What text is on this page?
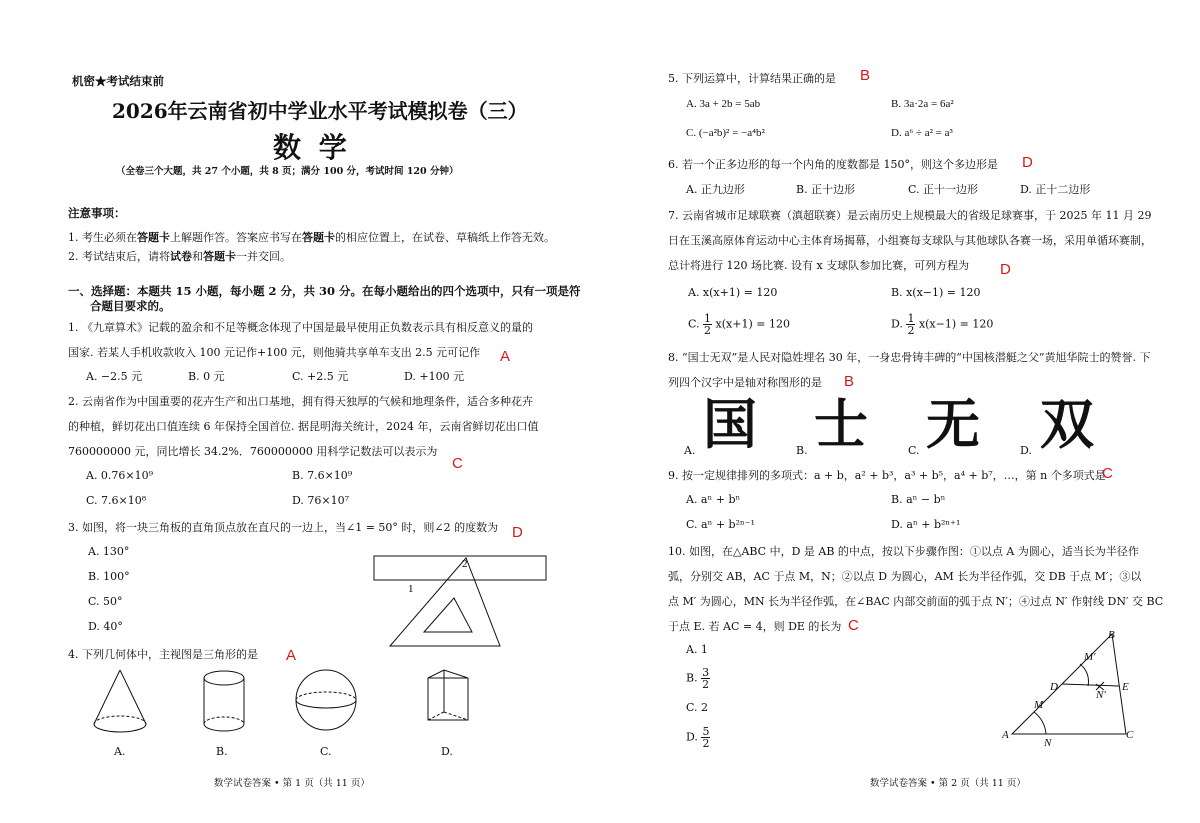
机密★考试结束前
2026年云南省初中学业水平考试模拟卷（三）
数 学
（全卷三个大题，共 27 个小题，共 8 页；满分 100 分，考试时间 120 分钟）
注意事项：
1. 考生必须在答题卡上解题作答。答案应书写在答题卡的相应位置上，在试卷、草稿纸上作答无效。
2. 考试结束后，请将试卷和答题卡一并交回。
一、选择题：本题共 15 小题，每小题 2 分，共 30 分。在每小题给出的四个选项中，只有一项是符
合题目要求的。
1. 《九章算术》记载的盈余和不足等概念体现了中国是最早使用正负数表示具有相反意义的量的
国家. 若某人手机收款收入 100 元记作+100 元，则他骑共享单车支出 2.5 元可记作 A
A. −2.5 元	B. 0 元	C. +2.5 元	D. +100 元
2. 云南省作为中国重要的花卉生产和出口基地，拥有得天独厚的气候和地理条件，适合多种花卉
的种植，鲜切花出口值连续 6 年保持全国首位. 据昆明海关统计，2024 年，云南省鲜切花出口值
760000000 元，同比增长 34.2%．760000000 用科学记数法可以表示为
C
A. 0.76×10⁹	B. 7.6×10⁹
C. 7.6×10⁸	D. 76×10⁷
3. 如图，将一块三角板的直角顶点放在直尺的一边上，当∠1 = 50° 时，则∠2 的度数为 D
A. 130°
B. 100°
C. 50°
D. 40°
1
2
4. 下列几何体中，主视图是三角形的是 A
A.	B.	C.	D.
数学试卷答案 • 第 1 页（共 11 页）
5. 下列运算中，计算结果正确的是 B
A. 3a + 2b = 5ab	B. 3a·2a = 6a²
C. (−a²b)² = −a⁴b²	D. a⁶ ÷ a² = a³
6. 若一个正多边形的每一个内角的度数都是 150°，则这个多边形是 D
A. 正九边形	B. 正十边形	C. 正十一边形	D. 正十二边形
7. 云南省城市足球联赛（滇超联赛）是云南历史上规模最大的省级足球赛事，于 2025 年 11 月 29
日在玉溪高原体育运动中心主体育场揭幕，小组赛每支球队与其他球队各赛一场，采用单循环赛制，
总计将进行 120 场比赛. 设有 x 支球队参加比赛，可列方程为 D
A. x(x+1) = 120	B. x(x−1) = 120
C. $\frac{1}{2} x(x+1) = 120$	D. $\frac{1}{2} x(x-1) = 120$
8. “国士无双”是人民对隐姓埋名 30 年，一身忠骨铸丰碑的“中国核潜艇之父”黄旭华院士的赞誉. 下
列四个汉字中是轴对称图形的是 B
A. 国	B. 士	C. 无	D. 双
9. 按一定规律排列的多项式：a + b，a² + b³，a³ + b⁵，a⁴ + b⁷，…，第 n 个多项式是
C
A. aⁿ + bⁿ	B. aⁿ − bⁿ
C. aⁿ + b²ⁿ⁻¹	D. aⁿ + b²ⁿ⁺¹
10. 如图，在△ABC 中，D 是 AB 的中点，按以下步骤作图：①以点 A 为圆心，适当长为半径作
弧，分别交 AB，AC 于点 M，N；②以点 D 为圆心，AM 长为半径作弧，交 DB 于点 M′；③以
点 M′ 为圆心，MN 长为半径作弧，在∠BAC 内部交前面的弧于点 N′；④过点 N′ 作射线 DN′ 交 BC
于点 E. 若 AC = 4，则 DE 的长为 C
A. 1
B. $\frac{3}{2}$
C. 2
D. $\frac{5}{2}$
B
M′
D
N′
E
M
A
N
C
数学试卷答案 • 第 2 页（共 11 页）
